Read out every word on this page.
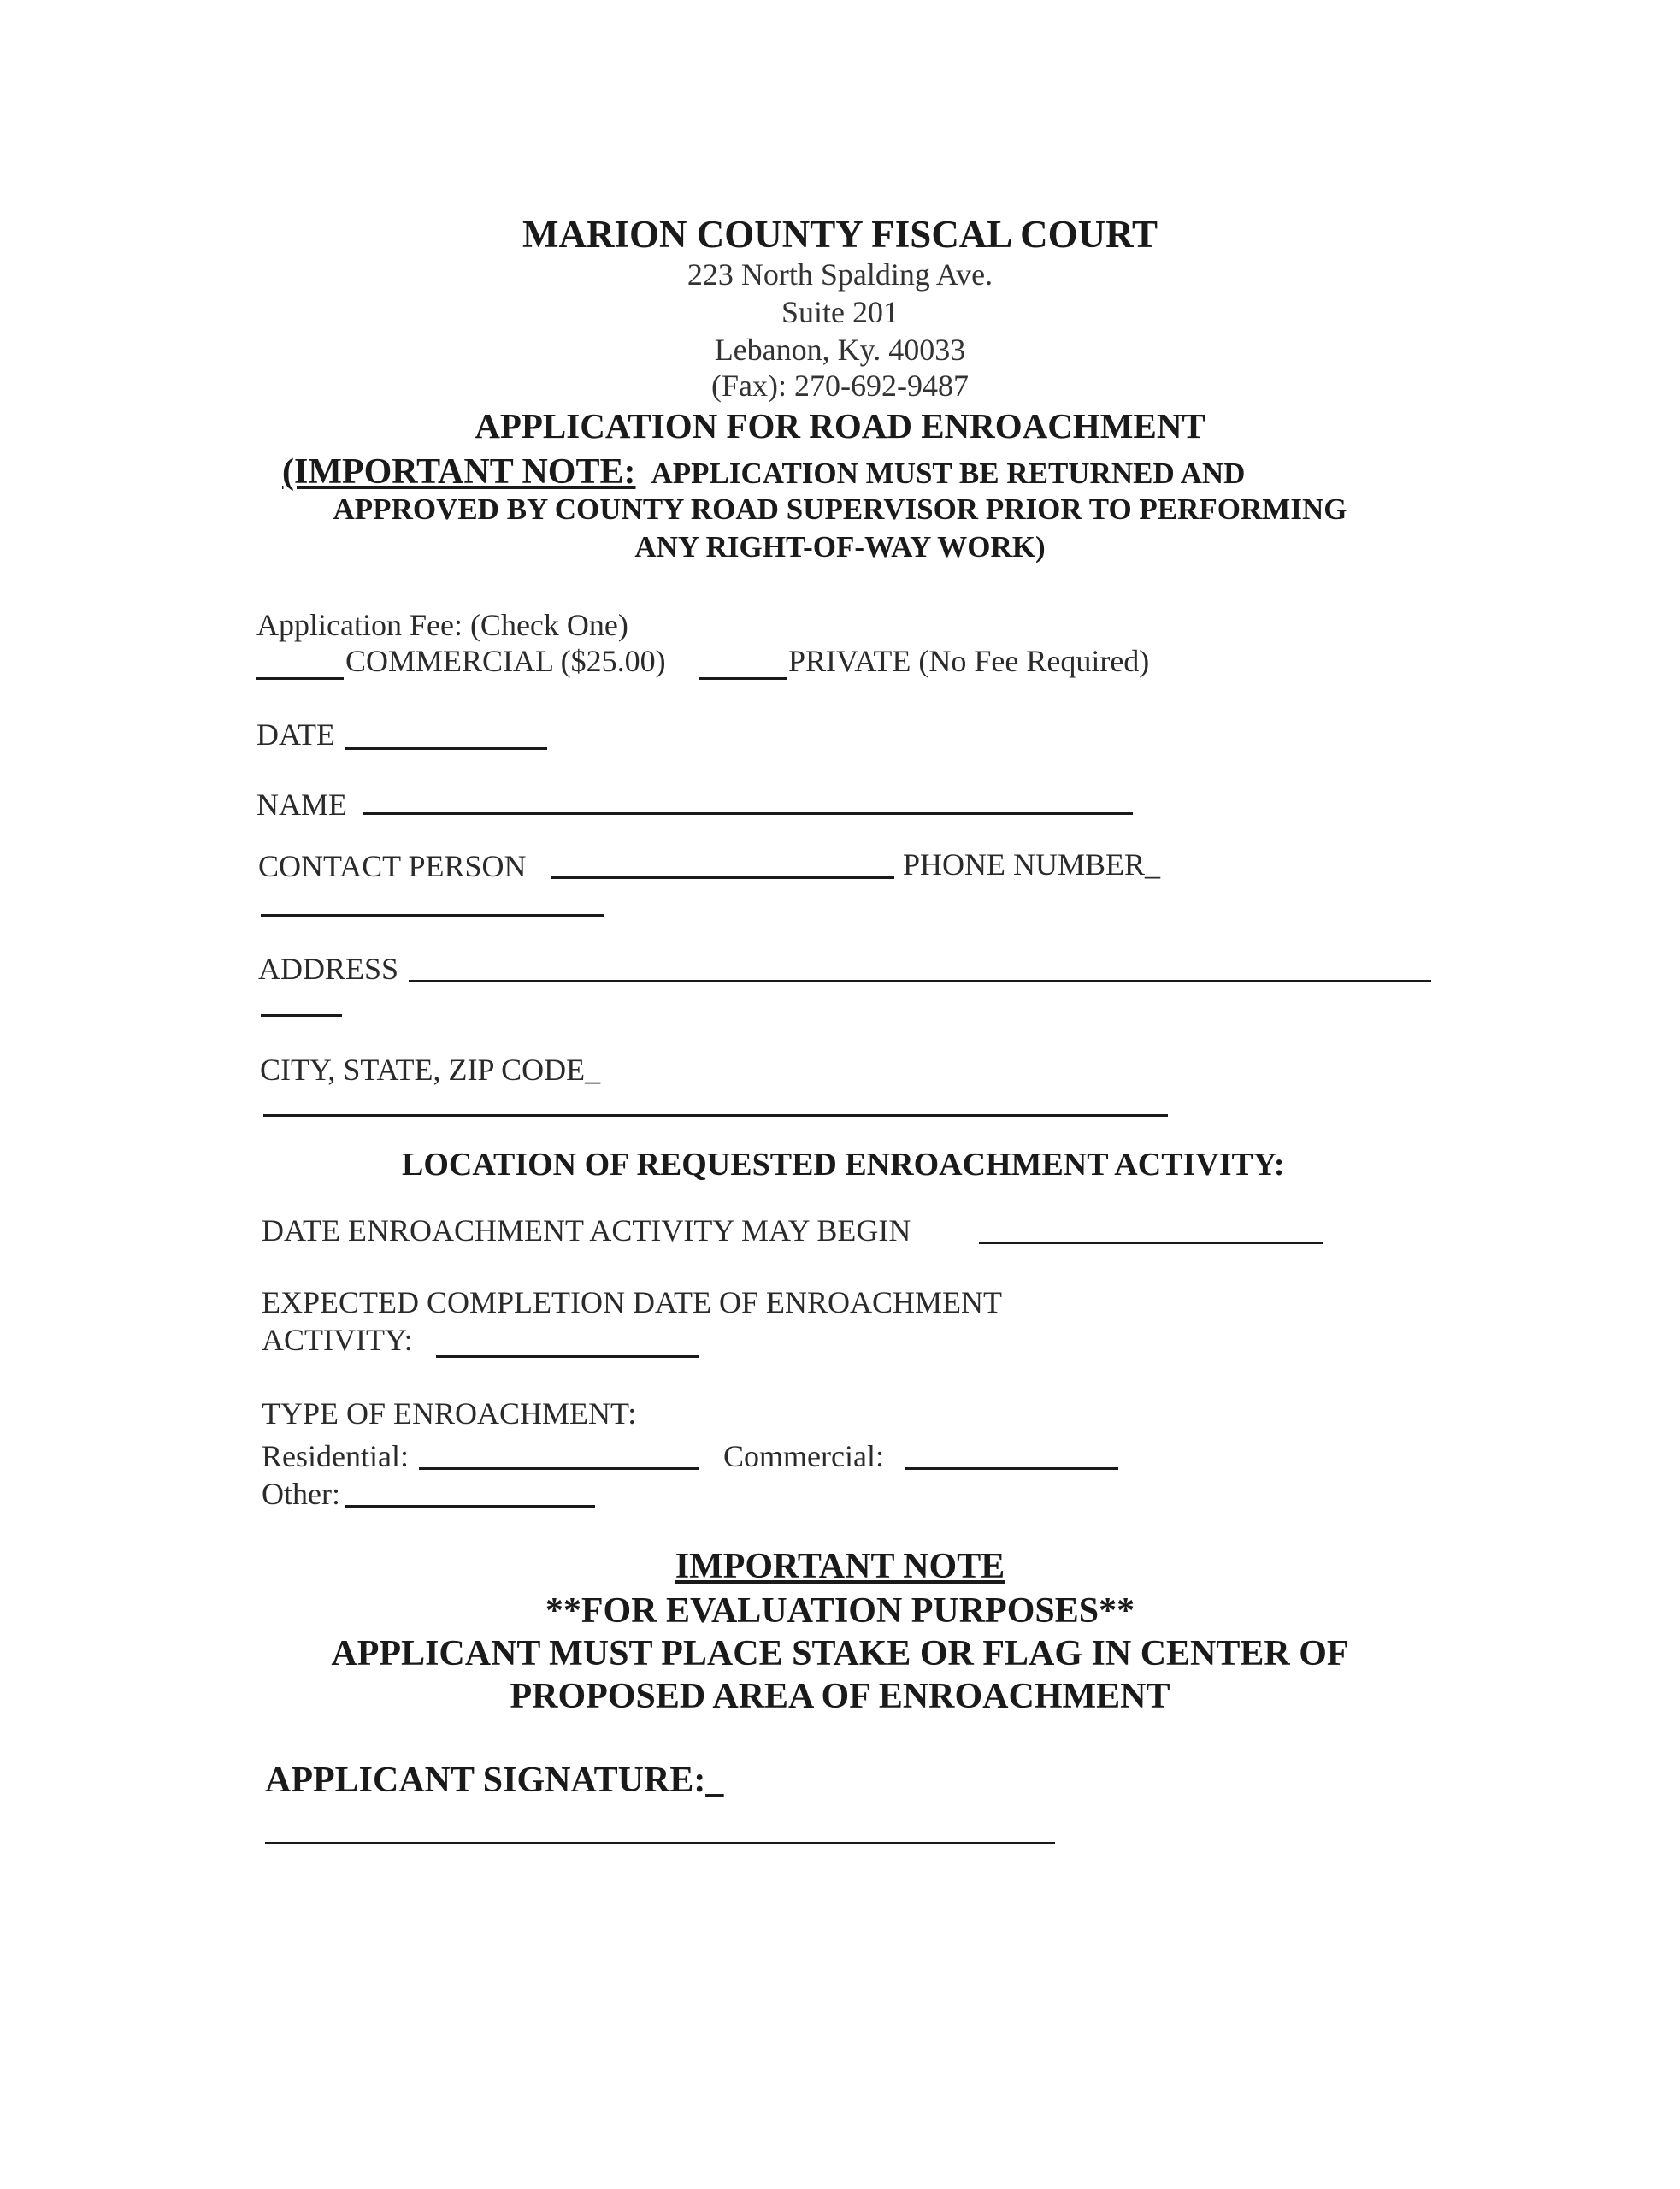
MARION COUNTY FISCAL COURT
223 North Spalding Ave.
Suite 201
Lebanon, Ky. 40033
(Fax): 270-692-9487
APPLICATION FOR ROAD ENROACHMENT
(IMPORTANT NOTE: APPLICATION MUST BE RETURNED AND
APPROVED BY COUNTY ROAD SUPERVISOR PRIOR TO PERFORMING
ANY RIGHT-OF-WAY WORK)
Application Fee: (Check One)
COMMERCIAL ($25.00)	PRIVATE (No Fee Required)
DATE
NAME
CONTACT PERSON	PHONE NUMBER_
ADDRESS
CITY, STATE, ZIP CODE_
LOCATION OF REQUESTED ENROACHMENT ACTIVITY:
DATE ENROACHMENT ACTIVITY MAY BEGIN
EXPECTED COMPLETION DATE OF ENROACHMENT
ACTIVITY:
TYPE OF ENROACHMENT:
Residential:	Commercial:
Other:
IMPORTANT NOTE
**FOR EVALUATION PURPOSES**
APPLICANT MUST PLACE STAKE OR FLAG IN CENTER OF
PROPOSED AREA OF ENROACHMENT
APPLICANT SIGNATURE:_
